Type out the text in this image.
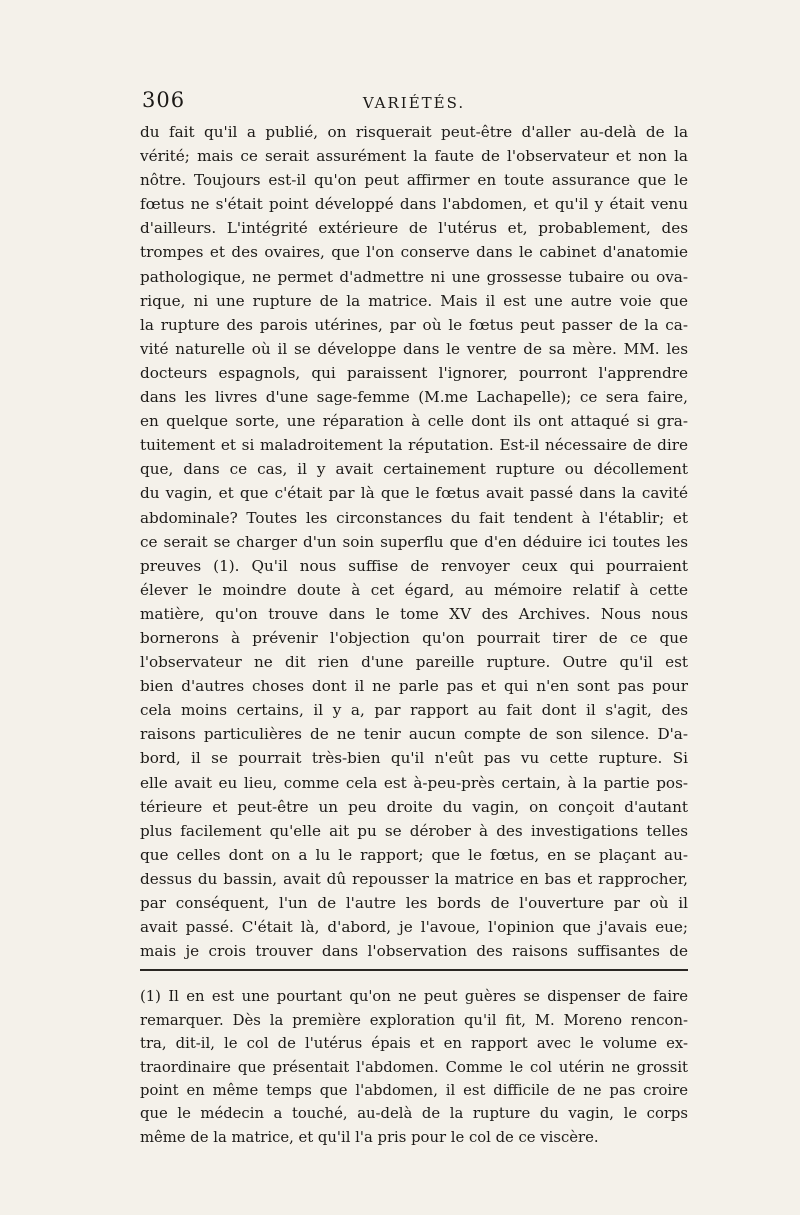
306	VARIÉTÉS.
du fait qu'il a publié, on risquerait peut-être d'aller au-delà de la
vérité; mais ce serait assurément la faute de l'observateur et non la
nôtre. Toujours est-il qu'on peut affirmer en toute assurance que le
fœtus ne s'était point développé dans l'abdomen, et qu'il y était venu
d'ailleurs. L'intégrité extérieure de l'utérus et, probablement, des
trompes et des ovaires, que l'on conserve dans le cabinet d'anatomie
pathologique, ne permet d'admettre ni une grossesse tubaire ou ova-
rique, ni une rupture de la matrice. Mais il est une autre voie que
la rupture des parois utérines, par où le fœtus peut passer de la ca-
vité naturelle où il se développe dans le ventre de sa mère. MM. les
docteurs espagnols, qui paraissent l'ignorer, pourront l'apprendre
dans les livres d'une sage-femme (M.me Lachapelle); ce sera faire,
en quelque sorte, une réparation à celle dont ils ont attaqué si gra-
tuitement et si maladroitement la réputation. Est-il nécessaire de dire
que, dans ce cas, il y avait certainement rupture ou décollement
du vagin, et que c'était par là que le fœtus avait passé dans la cavité
abdominale? Toutes les circonstances du fait tendent à l'établir; et
ce serait se charger d'un soin superflu que d'en déduire ici toutes les
preuves (1). Qu'il nous suffise de renvoyer ceux qui pourraient
élever le moindre doute à cet égard, au mémoire relatif à cette
matière, qu'on trouve dans le tome XV des Archives. Nous nous
bornerons à prévenir l'objection qu'on pourrait tirer de ce que
l'observateur ne dit rien d'une pareille rupture. Outre qu'il est
bien d'autres choses dont il ne parle pas et qui n'en sont pas pour
cela moins certains, il y a, par rapport au fait dont il s'agit, des
raisons particulières de ne tenir aucun compte de son silence. D'a-
bord, il se pourrait très-bien qu'il n'eût pas vu cette rupture. Si
elle avait eu lieu, comme cela est à-peu-près certain, à la partie pos-
térieure et peut-être un peu droite du vagin, on conçoit d'autant
plus facilement qu'elle ait pu se dérober à des investigations telles
que celles dont on a lu le rapport; que le fœtus, en se plaçant au-
dessus du bassin, avait dû repousser la matrice en bas et rapprocher,
par conséquent, l'un de l'autre les bords de l'ouverture par où il
avait passé. C'était là, d'abord, je l'avoue, l'opinion que j'avais eue;
mais je crois trouver dans l'observation des raisons suffisantes de
(1) Il en est une pourtant qu'on ne peut guères se dispenser de faire
remarquer. Dès la première exploration qu'il fit, M. Moreno rencon-
tra, dit-il, le col de l'utérus épais et en rapport avec le volume ex-
traordinaire que présentait l'abdomen. Comme le col utérin ne grossit
point en même temps que l'abdomen, il est difficile de ne pas croire
que le médecin a touché, au-delà de la rupture du vagin, le corps
même de la matrice, et qu'il l'a pris pour le col de ce viscère.
